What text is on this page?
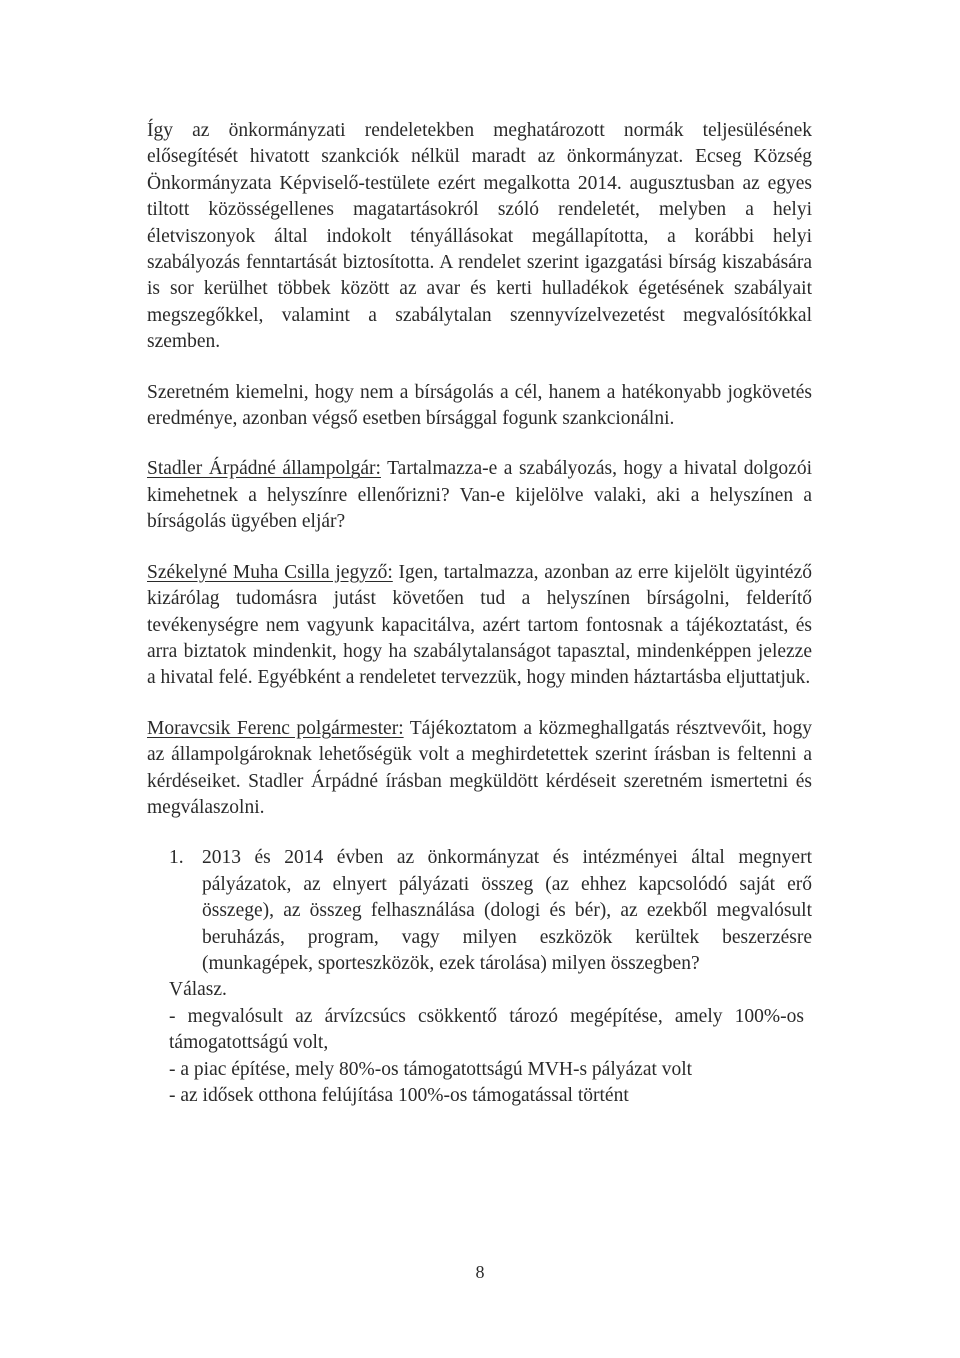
Így az önkormányzati rendeletekben meghatározott normák teljesülésének elősegítését hivatott szankciók nélkül maradt az önkormányzat. Ecseg Község Önkormányzata Képviselő-testülete ezért megalkotta 2014. augusztusban az egyes tiltott közösségellenes magatartásokról szóló rendeletét, melyben a helyi életviszonyok által indokolt tényállásokat megállapította, a korábbi helyi szabályozás fenntartását biztosította. A rendelet szerint igazgatási bírság kiszabására is sor kerülhet többek között az avar és kerti hulladékok égetésének szabályait megszegőkkel, valamint a szabálytalan szennyvízelvezetést megvalósítókkal szemben.

Szeretném kiemelni, hogy nem a bírságolás a cél, hanem a hatékonyabb jogkövetés eredménye, azonban végső esetben bírsággal fogunk szankcionálni.

Stadler Árpádné állampolgár: Tartalmazza-e a szabályozás, hogy a hivatal dolgozói kimehetnek a helyszínre ellenőrizni? Van-e kijelölve valaki, aki a helyszínen a bírságolás ügyében eljár?

Székelyné Muha Csilla jegyző: Igen, tartalmazza, azonban az erre kijelölt ügyintéző kizárólag tudomásra jutást követően tud a helyszínen bírságolni, felderítő tevékenységre nem vagyunk kapacitálva, azért tartom fontosnak a tájékoztatást, és arra biztatok mindenkit, hogy ha szabálytalanságot tapasztal, mindenképpen jelezze a hivatal felé. Egyébként a rendeletet tervezzük, hogy minden háztartásba eljuttatjuk.

Moravcsik Ferenc polgármester: Tájékoztatom a közmeghallgatás résztvevőit, hogy az állampolgároknak lehetőségük volt a meghirdetettek szerint írásban is feltenni a kérdéseiket. Stadler Árpádné írásban megküldött kérdéseit szeretném ismertetni és megválaszolni.

1. 2013 és 2014 évben az önkormányzat és intézményei által megnyert pályázatok, az elnyert pályázati összeg (az ehhez kapcsolódó saját erő összege), az összeg felhasználása (dologi és bér), az ezekből megvalósult beruházás, program, vagy milyen eszközök kerültek beszerzésre (munkagépek, sporteszközök, ezek tárolása) milyen összegben?

Válasz.

- megvalósult az árvízcsúcs csökkentő tározó megépítése, amely 100%-os támogatottságú volt,

- a piac építése, mely 80%-os támogatottságú MVH-s pályázat volt

- az idősek otthona felújítása 100%-os támogatással történt

8
